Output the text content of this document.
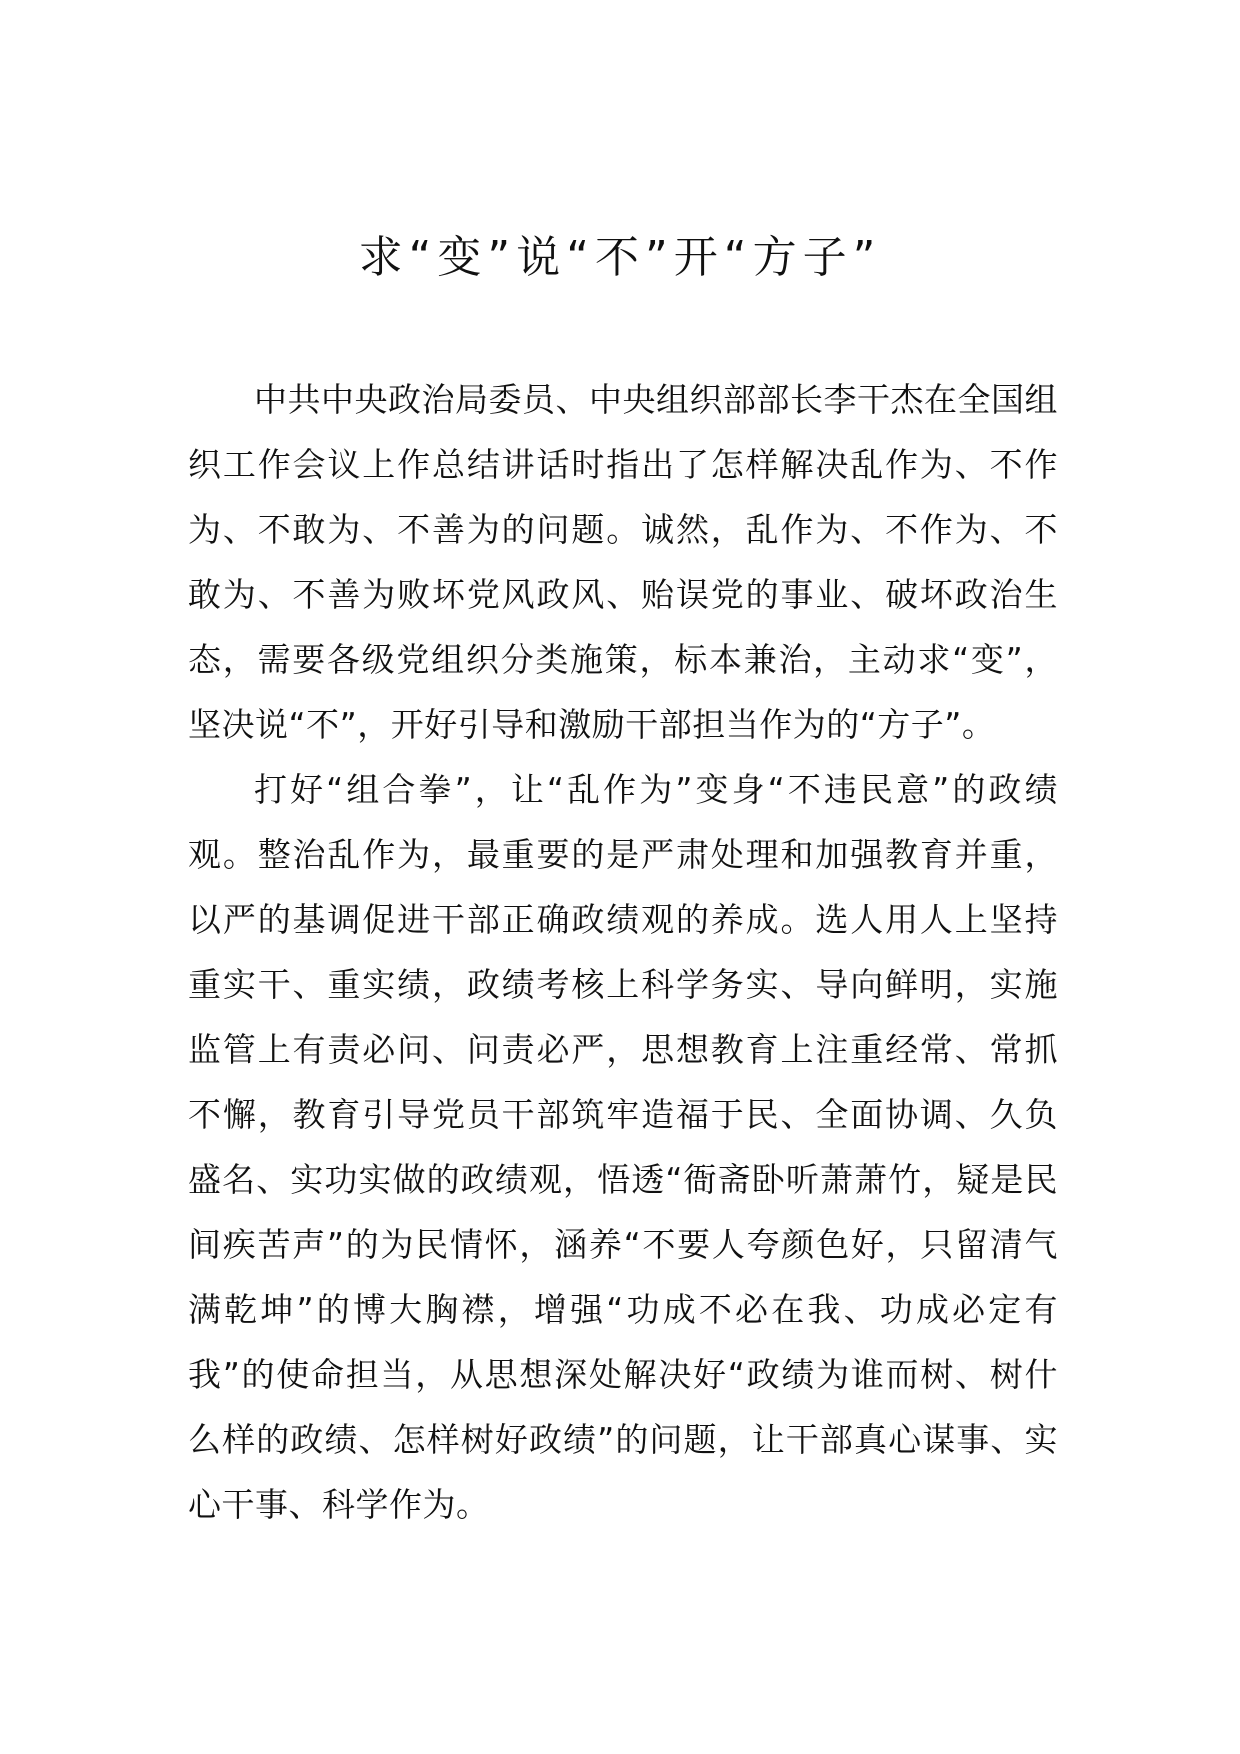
求“变”说“不”开“方子”

中共中央政治局委员、中央组织部部长李干杰在全国组织工作会议上作总结讲话时指出了怎样解决乱作为、不作为、不敢为、不善为的问题。诚然，乱作为、不作为、不敢为、不善为败坏党风政风、贻误党的事业、破坏政治生态，需要各级党组织分类施策，标本兼治，主动求“变”，坚决说“不”，开好引导和激励干部担当作为的“方子”。

打好“组合拳”，让“乱作为”变身“不违民意”的政绩观。整治乱作为，最重要的是严肃处理和加强教育并重，以严的基调促进干部正确政绩观的养成。选人用人上坚持重实干、重实绩，政绩考核上科学务实、导向鲜明，实施监管上有责必问、问责必严，思想教育上注重经常、常抓不懈，教育引导党员干部筑牢造福于民、全面协调、久负盛名、实功实做的政绩观，悟透“衙斋卧听萧萧竹，疑是民间疾苦声”的为民情怀，涵养“不要人夸颜色好，只留清气满乾坤”的博大胸襟，增强“功成不必在我、功成必定有我”的使命担当，从思想深处解决好“政绩为谁而树、树什么样的政绩、怎样树好政绩”的问题，让干部真心谋事、实心干事、科学作为。
